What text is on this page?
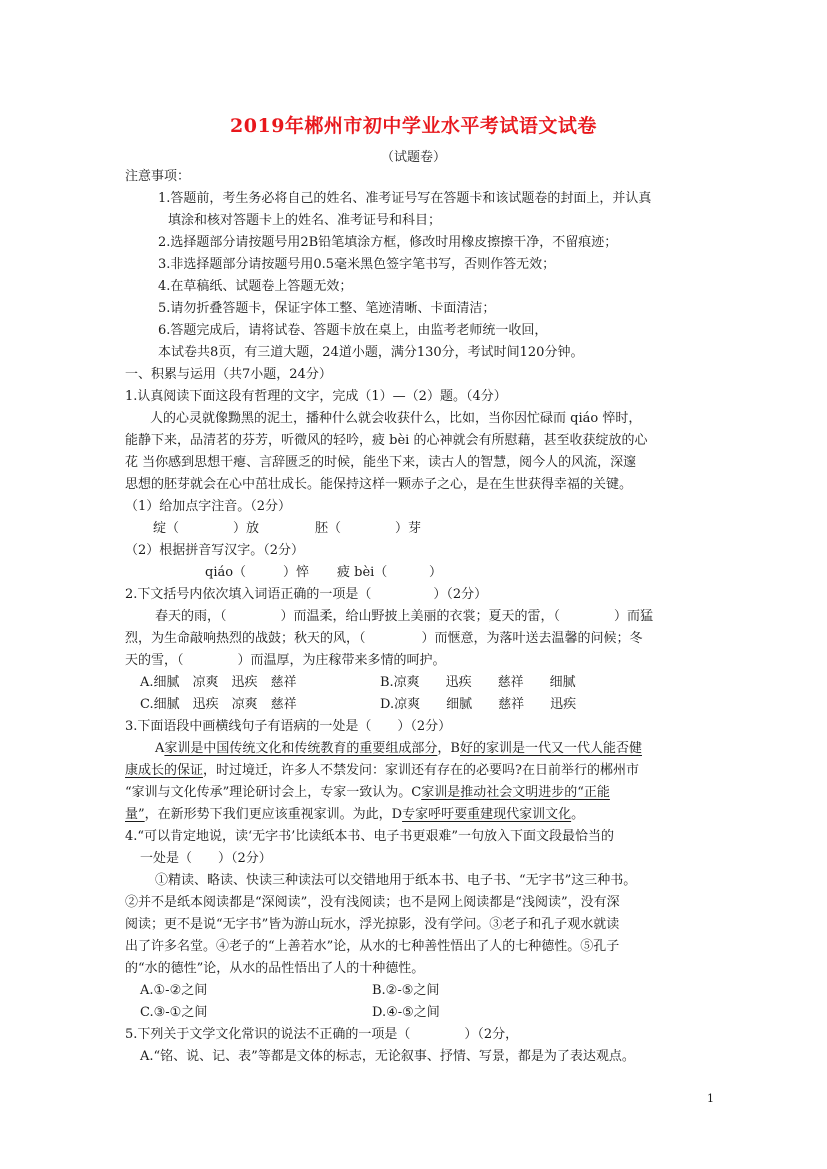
2019年郴州市初中学业水平考试语文试卷
（试题卷）
注意事项：
1.答题前，考生务必将自己的姓名、准考证号写在答题卡和该试题卷的封面上，并认真
填涂和核对答题卡上的姓名、准考证号和科目；
2.选择题部分请按题号用2B铅笔填涂方框，修改时用橡皮擦擦干净，不留痕迹；
3.非选择题部分请按题号用0.5毫米黑色签字笔书写，否则作答无效；
4.在草稿纸、试题卷上答题无效；
5.请勿折叠答题卡，保证字体工整、笔迹清晰、卡面清洁；
6.答题完成后，请将试卷、答题卡放在桌上，由监考老师统一收回，
本试卷共8页，有三道大题，24道小题，满分130分，考试时间120分钟。
一、积累与运用（共7小题，24分）
1.认真阅读下面这段有哲理的文字，完成（1）—（2）题。（4分）
人的心灵就像黝黑的泥土，播种什么就会收获什么，比如，当你因忙碌而 qiáo 悴时，
能静下来，品清茗的芬芳，听微风的轻吟，疲 bèi 的心神就会有所慰藉，甚至收获绽放的心
花 当你感到思想干瘪、言辞匮乏的时候，能坐下来，读古人的智慧，阅今人的风流，深邃
思想的胚芽就会在心中茁壮成长。能保持这样一颗赤子之心，是在生世获得幸福的关键。
（1）给加点字注音。（2分）
绽（	）放	胚（	）芽
（2）根据拼音写汉字。（2分）
qiáo（	）悴 疲 bèi（	）
2.下文括号内依次填入词语正确的一项是（	）（2分）
春天的雨，（	）而温柔，给山野披上美丽的衣裳；夏天的雷，（	）而猛
烈，为生命敲响热烈的战鼓；秋天的风，（	）而惬意，为落叶送去温馨的问候；冬
天的雪，（	）而温厚，为庄稼带来多情的呵护。
A.细腻　凉爽　迅疾　慈祥	B.凉爽　　迅疾　　慈祥　　细腻
C.细腻　迅疾　凉爽　慈祥	D.凉爽　　细腻　　慈祥　　迅疾
3.下面语段中画横线句子有语病的一处是（　　）（2分）
A家训是中国传统文化和传统教育的重要组成部分，B好的家训是一代又一代人能否健
康成长的保证，时过境迁，许多人不禁发问：家训还有存在的必要吗?在日前举行的郴州市
“家训与文化传承”理论研讨会上，专家一致认为。C家训是推动社会文明进步的“正能
量”，在新形势下我们更应该重视家训。为此，D专家呼吁要重建现代家训文化。
4.“可以肯定地说，读‘无字书’比读纸本书、电子书更艰难”一句放入下面文段最恰当的
一处是（　　）（2分）
①精读、略读、快读三种读法可以交错地用于纸本书、电子书、“无字书”这三种书。
②并不是纸本阅读都是“深阅读”，没有浅阅读；也不是网上阅读都是“浅阅读”，没有深
阅读；更不是说“无字书”皆为游山玩水，浮光掠影，没有学问。③老子和孔子观水就读
出了许多名堂。④老子的“上善若水”论，从水的七种善性悟出了人的七种德性。⑤孔子
的“水的德性”论，从水的品性悟出了人的十种德性。
A.①-②之间	B.②-⑤之间
C.③-①之间	D.④-⑤之间
5.下列关于文学文化常识的说法不正确的一项是（	）（2分，
A.“铭、说、记、表”等都是文体的标志，无论叙事、抒情、写景，都是为了表达观点。
1
